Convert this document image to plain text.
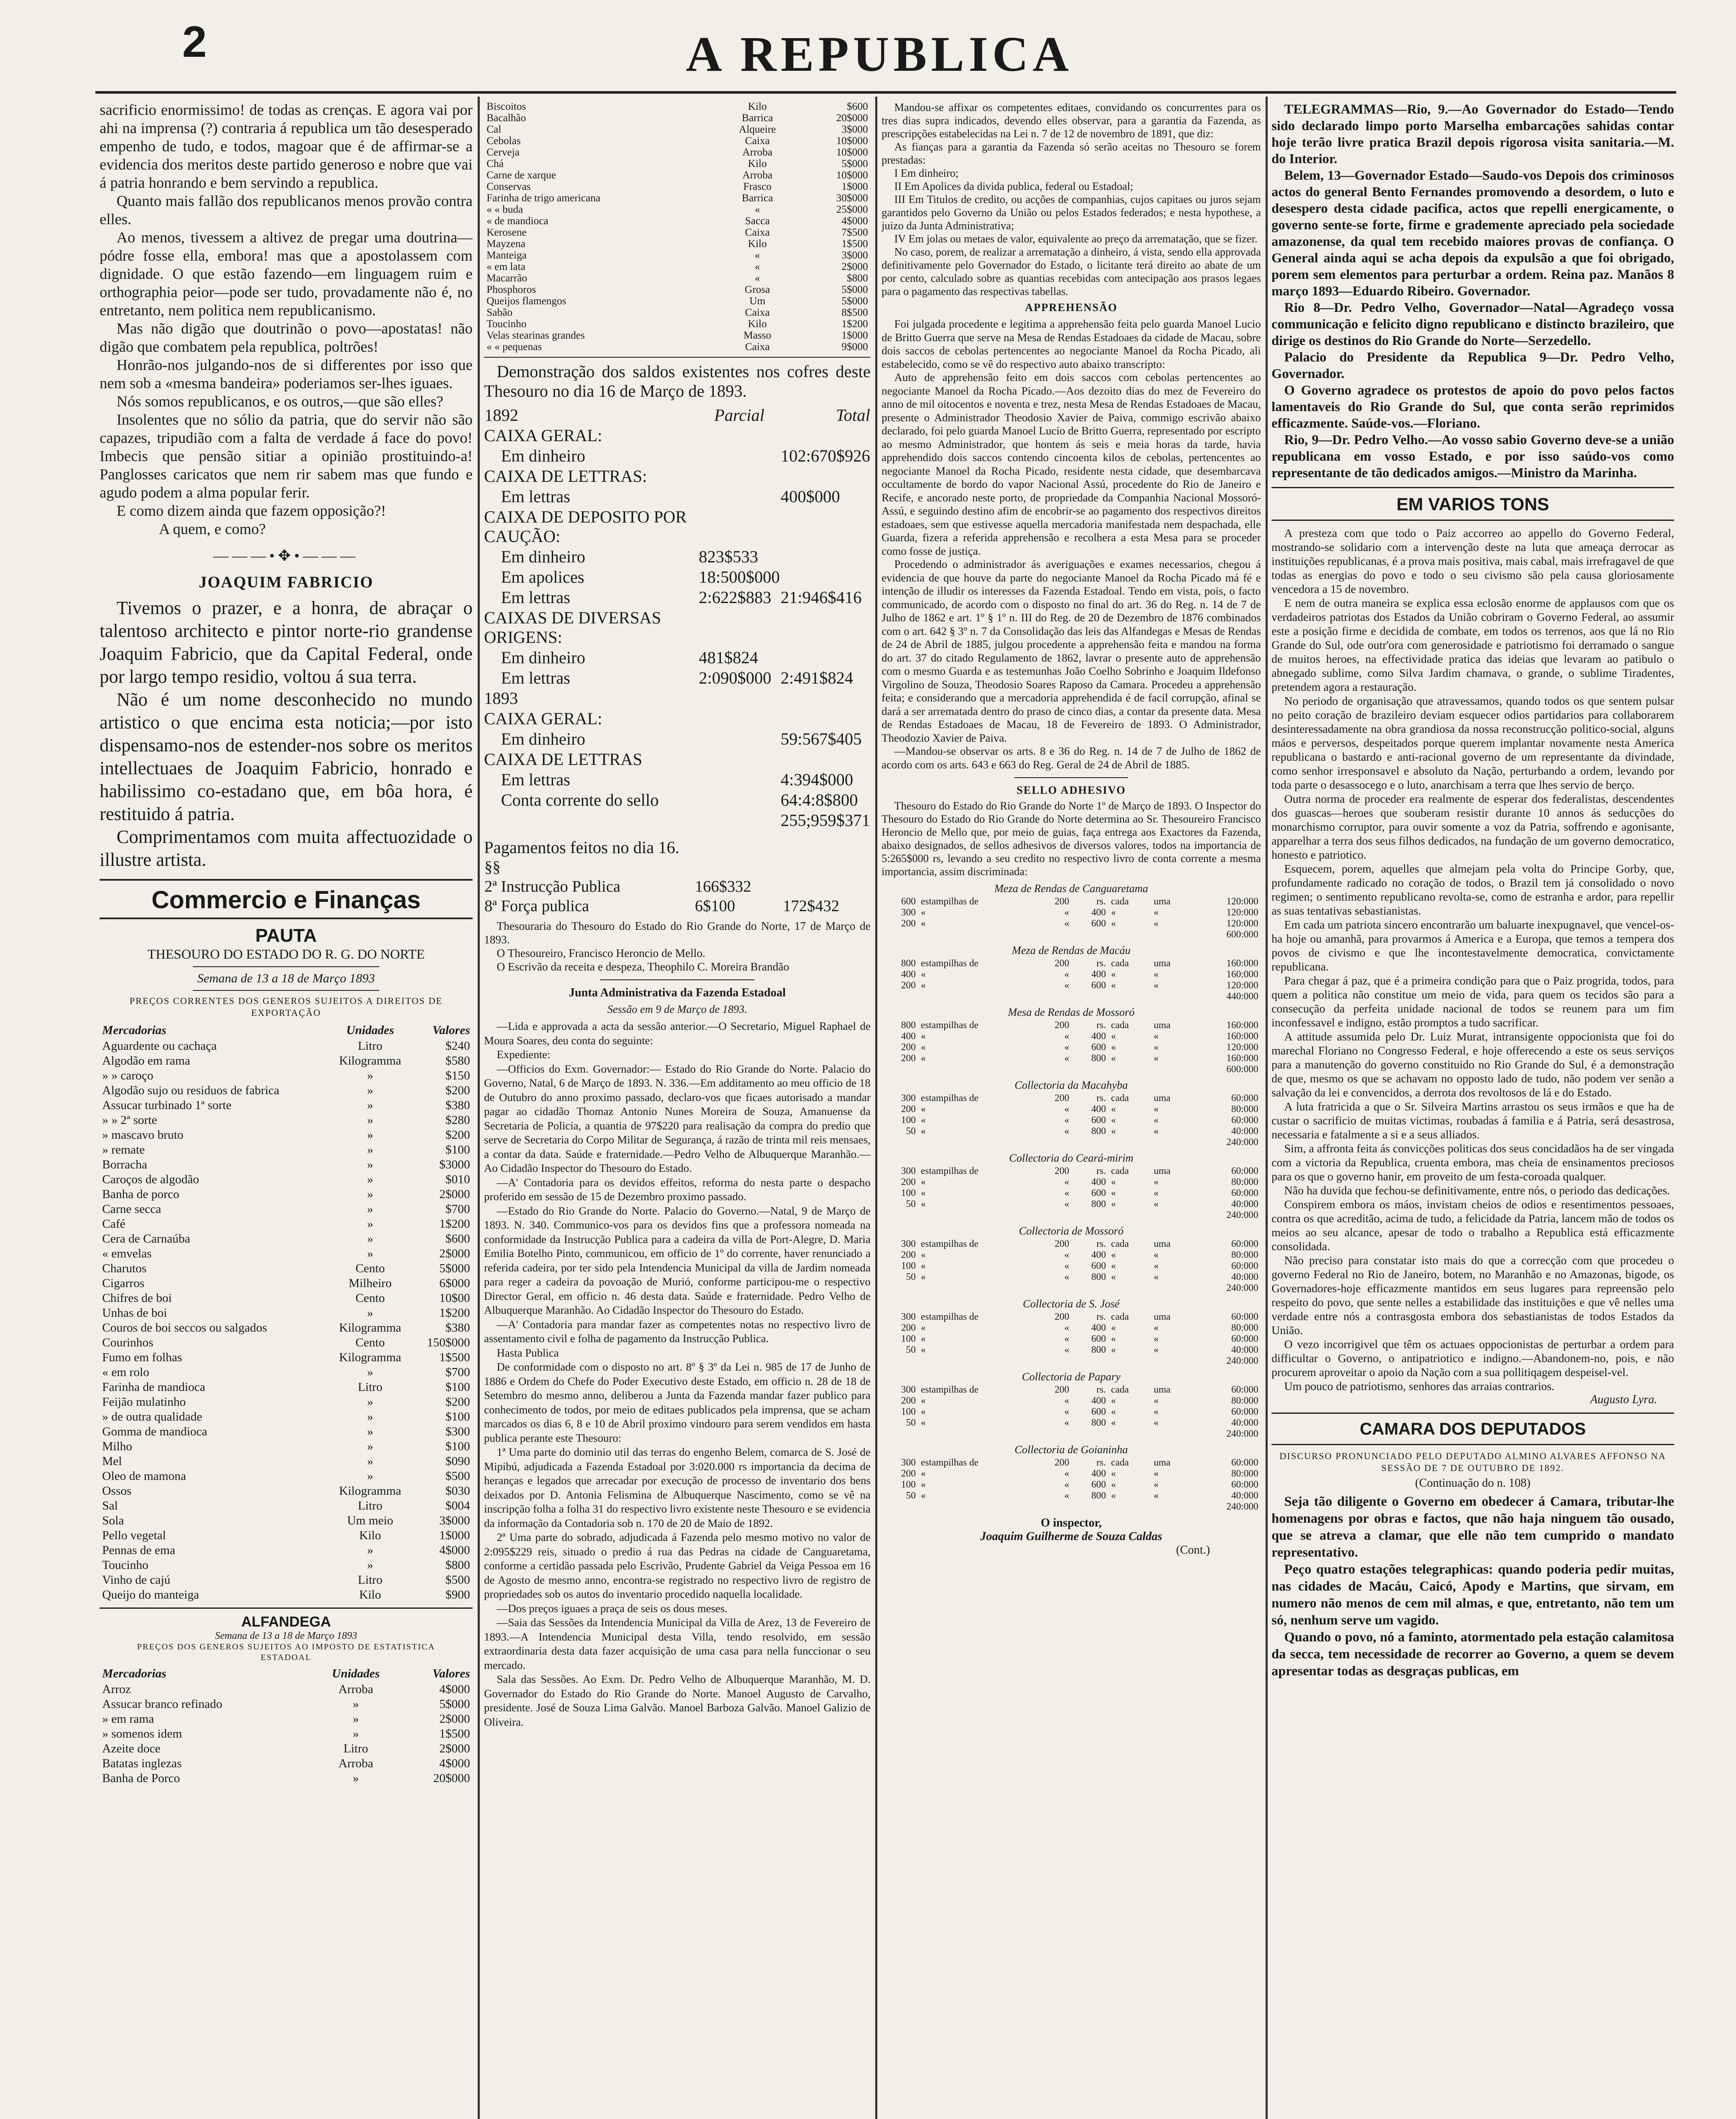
2	A REPUBLICA

sacrificio enormissimo! de todas as crenças. E agora vai por ahi na imprensa (?) contraria á republica um tão desesperado empenho de tudo, e todos, magoar que é de affirmar-se a evidencia dos meritos deste partido generoso e nobre que vai á patria honrando e bem servindo a republica.

Quanto mais fallão dos republicanos menos provão contra elles.

Ao menos, tivessem a altivez de pregar uma doutrina—pódre fosse ella, embora! mas que a apostolassem com dignidade. O que estão fazendo—em linguagem ruim e orthographia peior—pode ser tudo, provadamente não é, no entretanto, nem politica nem republicanismo.

Mas não digão que doutrinão o povo—apostatas! não digão que combatem pela republica, poltrões!

Honrão-nos julgando-nos de si differentes por isso que nem sob a «mesma bandeira» poderiamos ser-lhes iguaes.

Nós somos republicanos, e os outros,—que são elles?

Insolentes que no sólio da patria, que do servir não são capazes, tripudião com a falta de verdade á face do povo! Imbecis que pensão sitiar a opinião prostituindo-a! Panglosses caricatos que nem rir sabem mas que fundo e agudo podem a alma popular ferir.

E como dizem ainda que fazem opposição?!

A quem, e como?

———•✥•———
JOAQUIM FABRICIO

Tivemos o prazer, e a honra, de abraçar o talentoso architecto e pintor norte-rio grandense Joaquim Fabricio, que da Capital Federal, onde por largo tempo residio, voltou á sua terra.

Não é um nome desconhecido no mundo artistico o que encima esta noticia;—por isto dispensamo-nos de estender-nos sobre os meritos intellectuaes de Joaquim Fabricio, honrado e habilissimo co-estadano que, em bôa hora, é restituido á patria.

Comprimentamos com muita affectuozidade o illustre artista.

Commercio e Finanças
PAUTA
THESOURO DO ESTADO DO R. G. DO NORTE
Semana de 13 a 18 de Março 1893
PREÇOS CORRENTES DOS GENEROS SUJEITOS A DIREITOS DE EXPORTAÇÃO
Mercadorias	Unidades	Valores
Aguardente ou cachaça	Litro	$240
Algodão em rama	Kilogramma	$580
» » caroço	»	$150
Algodão sujo ou residuos de fabrica	»	$200
Assucar turbinado 1ª sorte	»	$380
» » 2ª sorte	»	$280
» mascavo bruto	»	$200
» remate	»	$100
Borracha	»	$3000
Caroços de algodão	»	$010
Banha de porco	»	2$000
Carne secca	»	$700
Café	»	1$200
Cera de Carnaúba	»	$600
« emvelas	»	2$000
Charutos	Cento	5$000
Cigarros	Milheiro	6$000
Chifres de boi	Cento	10$00
Unhas de boi	»	1$200
Couros de boi seccos ou salgados	Kilogramma	$380
Courinhos	Cento	150$000
Fumo em folhas	Kilogramma	1$500
« em rolo	»	$700
Farinha de mandioca	Litro	$100
Feijão mulatinho	»	$200
» de outra qualidade	»	$100
Gomma de mandioca	»	$300
Milho	»	$100
Mel	»	$090
Oleo de mamona	»	$500
Ossos	Kilogramma	$030
Sal	Litro	$004
Sola	Um meio	3$000
Pello vegetal	Kilo	1$000
Pennas de ema	»	4$000
Toucinho	»	$800
Vinho de cajú	Litro	$500
Queijo do manteiga	Kilo	$900
ALFANDEGA
Semana de 13 a 18 de Março 1893
PREÇOS DOS GENEROS SUJEITOS AO IMPOSTO DE ESTATISTICA ESTADOAL
Mercadorias	Unidades	Valores
Arroz	Arroba	4$000
Assucar branco refinado	»	5$000
» em rama	»	2$000
» somenos idem	»	1$500
Azeite doce	Litro	2$000
Batatas inglezas	Arroba	4$000
Banha de Porco	»	20$000
Biscoitos	Kilo	$600
Bacalhão	Barrica	20$000
Cal	Alqueire	3$000
Cebolas	Caixa	10$000
Cerveja	Arroba	10$000
Chá	Kilo	5$000
Carne de xarque	Arroba	10$000
Conservas	Frasco	1$000
Farinha de trigo americana	Barrica	30$000
« « buda	«	25$000
« de mandioca	Sacca	4$000
Kerosene	Caixa	7$500
Mayzena	Kilo	1$500
Manteiga	«	3$000
« em lata	«	2$000
Macarrão	«	$800
Phosphoros	Grosa	5$000
Queijos flamengos	Um	5$000
Sabão	Caixa	8$500
Toucinho	Kilo	1$200
Velas stearinas grandes	Masso	1$000
« « pequenas	Caixa	9$000
Demonstração dos saldos existentes nos cofres deste Thesouro no dia 16 de Março de 1893.
1892	Parcial	Total
CAIXA GERAL:		
Em dinheiro		102:670$926
CAIXA DE LETTRAS:		
Em lettras		400$000
CAIXA DE DEPOSITO POR CAUÇÃO:		
Em dinheiro	823$533	
Em apolices	18:500$000	
Em lettras	2:622$883	21:946$416
CAIXAS DE DIVERSAS ORIGENS:		
Em dinheiro	481$824	
Em lettras	2:090$000	2:491$824
1893		
CAIXA GERAL:		
Em dinheiro		59:567$405
CAIXA DE LETTRAS		
Em lettras		4:394$000
Conta corrente do sello		64:4:8$800
		255;959$371
Pagamentos feitos no dia 16.
§§		
2ª Instrucção Publica	166$332	
8ª Força publica	6$100	172$432

Thesouraria do Thesouro do Estado do Rio Grande do Norte, 17 de Março de 1893.

O Thesoureiro, Francisco Heroncio de Mello.

O Escrivão da receita e despeza, Theophilo C. Moreira Brandão

Junta Administrativa da Fazenda Estadoal
Sessão em 9 de Março de 1893.

—Lida e approvada a acta da sessão anterior.—O Secretario, Miguel Raphael de Moura Soares, deu conta do seguinte:

Expediente:

—Officios do Exm. Governador:— Estado do Rio Grande do Norte. Palacio do Governo, Natal, 6 de Março de 1893. N. 336.—Em additamento ao meu officio de 18 de Outubro do anno proximo passado, declaro-vos que ficaes autorisado a mandar pagar ao cidadão Thomaz Antonio Nunes Moreira de Souza, Amanuense da Secretaria de Policia, a quantia de 97$220 para realisação da compra do predio que serve de Secretaria do Corpo Militar de Segurança, á razão de trinta mil reis mensaes, a contar da data. Saúde e fraternidade.—Pedro Velho de Albuquerque Maranhão.—Ao Cidadão Inspector do Thesouro do Estado.

—A' Contadoria para os devidos effeitos, reforma do nesta parte o despacho proferido em sessão de 15 de Dezembro proximo passado.

—Estado do Rio Grande do Norte. Palacio do Governo.—Natal, 9 de Março de 1893. N. 340. Communico-vos para os devidos fins que a professora nomeada na conformidade da Instrucção Publica para a cadeira da villa de Port-Alegre, D. Maria Emilia Botelho Pinto, communicou, em officio de 1º do corrente, haver renunciado a referida cadeira, por ter sido pela Intendencia Municipal da villa de Jardim nomeada para reger a cadeira da povoação de Murió, conforme participou-me o respectivo Director Geral, em officio n. 46 desta data. Saúde e fraternidade. Pedro Velho de Albuquerque Maranhão. Ao Cidadão Inspector do Thesouro do Estado.

—A' Contadoria para mandar fazer as competentes notas no respectivo livro de assentamento civil e folha de pagamento da Instrucção Publica.

Hasta Publica

De conformidade com o disposto no art. 8º § 3º da Lei n. 985 de 17 de Junho de 1886 e Ordem do Chefe do Poder Executivo deste Estado, em officio n. 28 de 18 de Setembro do mesmo anno, deliberou a Junta da Fazenda mandar fazer publico para conhecimento de todos, por meio de editaes publicados pela imprensa, que se acham marcados os dias 6, 8 e 10 de Abril proximo vindouro para serem vendidos em hasta publica perante este Thesouro:

1ª Uma parte do dominio util das terras do engenho Belem, comarca de S. José de Mipibú, adjudicada a Fazenda Estadoal por 3:020.000 rs importancia da decima de heranças e legados que arrecadar por execução de processo de inventario dos bens deixados por D. Antonia Felismina de Albuquerque Nascimento, como se vê na inscripção folha a folha 31 do respectivo livro existente neste Thesouro e se evidencia da informação da Contadoria sob n. 170 de 20 de Maio de 1892.

2ª Uma parte do sobrado, adjudicada á Fazenda pelo mesmo motivo no valor de 2:095$229 reis, situado o predio á rua das Pedras na cidade de Canguaretama, conforme a certidão passada pelo Escrivão, Prudente Gabriel da Veiga Pessoa em 16 de Agosto de mesmo anno, encontra-se registrado no respectivo livro de registro de propriedades sob os autos do inventario procedido naquella localidade.

—Dos preços iguaes a praça de seis os dous meses.

—Saia das Sessões da Intendencia Municipal da Villa de Arez, 13 de Fevereiro de 1893.—A Intendencia Municipal desta Villa, tendo resolvido, em sessão extraordinaria desta data fazer acquisição de uma casa para nella funccionar o seu mercado.

Sala das Sessões. Ao Exm. Dr. Pedro Velho de Albuquerque Maranhão, M. D. Governador do Estado do Rio Grande do Norte. Manoel Augusto de Carvalho, presidente. José de Souza Lima Galvão. Manoel Barboza Galvão. Manoel Galizio de Oliveira.

Mandou-se affixar os competentes editaes, convidando os concurrentes para os tres dias supra indicados, devendo elles observar, para a garantia da Fazenda, as prescripções estabelecidas na Lei n. 7 de 12 de novembro de 1891, que diz:

As fianças para a garantia da Fazenda só serão aceitas no Thesouro se forem prestadas:

I Em dinheiro;

II Em Apolices da divida publica, federal ou Estadoal;

III Em Titulos de credito, ou acções de companhias, cujos capitaes ou juros sejam garantidos pelo Governo da União ou pelos Estados federados; e nesta hypothese, a juizo da Junta Administrativa;

IV Em jolas ou metaes de valor, equivalente ao preço da arrematação, que se fizer.

No caso, porem, de realizar a arrematação a dinheiro, á vista, sendo ella approvada definitivamente pelo Governador do Estado, o licitante terá direito ao abate de um por cento, calculado sobre as quantias recebidas com antecipação aos prasos legaes para o pagamento das respectivas tabellas.

APPREHENSÃO

Foi julgada procedente e legitima a apprehensão feita pelo guarda Manoel Lucio de Britto Guerra que serve na Mesa de Rendas Estadoaes da cidade de Macau, sobre dois saccos de cebolas pertencentes ao negociante Manoel da Rocha Picado, ali estabelecido, como se vê do respectivo auto abaixo transcripto:

Auto de apprehensão feito em dois saccos com cebolas pertencentes ao negociante Manoel da Rocha Picado.—Aos dezoito dias do mez de Fevereiro do anno de mil oitocentos e noventa e trez, nesta Mesa de Rendas Estadoaes de Macau, presente o Administrador Theodosio Xavier de Paiva, commigo escrivão abaixo declarado, foi pelo guarda Manoel Lucio de Britto Guerra, representado por escripto ao mesmo Administrador, que hontem ás seis e meia horas da tarde, havia apprehendido dois saccos contendo cincoenta kilos de cebolas, pertencentes ao negociante Manoel da Rocha Picado, residente nesta cidade, que desembarcava occultamente de bordo do vapor Nacional Assú, procedente do Rio de Janeiro e Recife, e ancorado neste porto, de propriedade da Companhia Nacional Mossoró-Assú, e seguindo destino afim de encobrir-se ao pagamento dos respectivos direitos estadoaes, sem que estivesse aquella mercadoria manifestada nem despachada, elle Guarda, fizera a referida apprehensão e recolhera a esta Mesa para se proceder como fosse de justiça.

Procedendo o administrador ás averiguações e exames necessarios, chegou á evidencia de que houve da parte do negociante Manoel da Rocha Picado má fé e intenção de illudir os interesses da Fazenda Estadoal. Tendo em vista, pois, o facto communicado, de acordo com o disposto no final do art. 36 do Reg. n. 14 de 7 de Julho de 1862 e art. 1º § 1º n. III do Reg. de 20 de Dezembro de 1876 combinados com o art. 642 § 3º n. 7 da Consolidação das leis das Alfandegas e Mesas de Rendas de 24 de Abril de 1885, julgou procedente a apprehensão feita e mandou na forma do art. 37 do citado Regulamento de 1862, lavrar o presente auto de apprehensão com o mesmo Guarda e as testemunhas João Coelho Sobrinho e Joaquim Ildefonso Virgolino de Souza, Theodosio Soares Raposo da Camara. Procedeu a apprehensão feita; e considerando que a mercadoria apprehendida é de facil corrupção, afinal se dará a ser arrematada dentro do praso de cinco dias, a contar da presente data. Mesa de Rendas Estadoaes de Macau, 18 de Fevereiro de 1893. O Administrador, Theodozio Xavier de Paiva.

—Mandou-se observar os arts. 8 e 36 do Reg. n. 14 de 7 de Julho de 1862 de acordo com os arts. 643 e 663 do Reg. Geral de 24 de Abril de 1885.

SELLO ADHESIVO

Thesouro do Estado do Rio Grande do Norte 1º de Março de 1893. O Inspector do Thesouro do Estado do Rio Grande do Norte determina ao Sr. Thesoureiro Francisco Heroncio de Mello que, por meio de guias, faça entrega aos Exactores da Fazenda, abaixo designados, de sellos adhesivos de diversos valores, todos na importancia de 5:265$000 rs, levando a seu credito no respectivo livro de conta corrente a mesma importancia, assim discriminada:

Meza de Rendas de Canguaretama
600	estampilhas de	200	rs.	cada	uma	120:000
300	«	«	400	«	«	120:000
200	«	«	600	«	«	120:000
						600:000
Meza de Rendas de Macáu
800	estampilhas de	200	rs.	cada	uma	160:000
400	«	«	400	«	«	160:000
200	«	«	600	«	«	120:000
						440:000
Mesa de Rendas de Mossoró
800	estampilhas de	200	rs.	cada	uma	160:000
400	«	«	400	«	«	160:000
200	«	«	600	«	«	120:000
200	«	«	800	«	«	160:000
						600:000
Collectoria da Macahyba
300	estampilhas de	200	rs.	cada	uma	60:000
200	«	«	400	«	«	80:000
100	«	«	600	«	«	60:000
50	«	«	800	«	«	40:000
						240:000
Collectoria do Ceará-mirim
300	estampilhas de	200	rs.	cada	uma	60:000
200	«	«	400	«	«	80:000
100	«	«	600	«	«	60:000
50	«	«	800	«	«	40:000
						240:000
Collectoria de Mossoró
300	estampilhas de	200	rs.	cada	uma	60:000
200	«	«	400	«	«	80:000
100	«	«	600	«	«	60:000
50	«	«	800	«	«	40:000
						240:000
Collectoria de S. José
300	estampilhas de	200	rs.	cada	uma	60:000
200	«	«	400	«	«	80:000
100	«	«	600	«	«	60:000
50	«	«	800	«	«	40:000
						240:000
Collectoria de Papary
300	estampilhas de	200	rs.	cada	uma	60:000
200	«	«	400	«	«	80:000
100	«	«	600	«	«	60:000
50	«	«	800	«	«	40:000
						240:000
Collectoria de Goianinha
300	estampilhas de	200	rs.	cada	uma	60:000
200	«	«	400	«	«	80:000
100	«	«	600	«	«	60:000
50	«	«	800	«	«	40:000
						240:000
O inspector,
Joaquim Guilherme de Souza Caldas
(Cont.)

TELEGRAMMAS—Rio, 9.—Ao Governador do Estado—Tendo sido declarado limpo porto Marselha embarcações sahidas contar hoje terão livre pratica Brazil depois rigorosa visita sanitaria.—M. do Interior.

Belem, 13—Governador Estado—Saudo-vos Depois dos criminosos actos do general Bento Fernandes promovendo a desordem, o luto e desespero desta cidade pacifica, actos que repelli energicamente, o governo sente-se forte, firme e grademente apreciado pela sociedade amazonense, da qual tem recebido maiores provas de confiança. O General ainda aqui se acha depois da expulsão a que foi obrigado, porem sem elementos para perturbar a ordem. Reina paz. Manãos 8 março 1893—Eduardo Ribeiro. Governador.

Rio 8—Dr. Pedro Velho, Governador—Natal—Agradeço vossa communicação e felicito digno republicano e distincto brazileiro, que dirige os destinos do Rio Grande do Norte—Serzedello.

Palacio do Presidente da Republica 9—Dr. Pedro Velho, Governador.

O Governo agradece os protestos de apoio do povo pelos factos lamentaveis do Rio Grande do Sul, que conta serão reprimidos efficazmente. Saúde-vos.—Floriano.

Rio, 9—Dr. Pedro Velho.—Ao vosso sabio Governo deve-se a união republicana em vosso Estado, e por isso saúdo-vos como representante de tão dedicados amigos.—Ministro da Marinha.

EM VARIOS TONS

A presteza com que todo o Paiz accorreo ao appello do Governo Federal, mostrando-se solidario com a intervenção deste na luta que ameaça derrocar as instituições republicanas, é a prova mais positiva, mais cabal, mais irrefragavel de que todas as energias do povo e todo o seu civismo são pela causa gloriosamente vencedora a 15 de novembro.

E nem de outra maneira se explica essa eclosão enorme de applausos com que os verdadeiros patriotas dos Estados da União cobriram o Governo Federal, ao assumir este a posição firme e decidida de combate, em todos os terrenos, aos que lá no Rio Grande do Sul, ode outr'ora com generosidade e patriotismo foi derramado o sangue de muitos heroes, na effectividade pratica das ideias que levaram ao patibulo o abnegado sublime, como Silva Jardim chamava, o grande, o sublime Tiradentes, pretendem agora a restauração.

No periodo de organisação que atravessamos, quando todos os que sentem pulsar no peito coração de brazileiro deviam esquecer odios partidarios para collaborarem desinteressadamente na obra grandiosa da nossa reconstrucção politico-social, alguns máos e perversos, despeitados porque querem implantar novamente nesta America republicana o bastardo e anti-racional governo de um representante da divindade, como senhor irresponsavel e absoluto da Nação, perturbando a ordem, levando por toda parte o desassocego e o luto, anarchisam a terra que lhes servio de berço.

Outra norma de proceder era realmente de esperar dos federalistas, descendentes dos guascas—heroes que souberam resistir durante 10 annos ás seducções do monarchismo corruptor, para ouvir somente a voz da Patria, soffrendo e agonisante, apparelhar a terra dos seus filhos dedicados, na fundação de um governo democratico, honesto e patriotico.

Esquecem, porem, aquelles que almejam pela volta do Principe Gorby, que, profundamente radicado no coração de todos, o Brazil tem já consolidado o novo regimen; o sentimento republicano revolta-se, como de estranha e ardor, para repellir as suas tentativas sebastianistas.

Em cada um patriota sincero encontrarão um baluarte inexpugnavel, que vencel-os-ha hoje ou amanhã, para provarmos á America e a Europa, que temos a tempera dos povos de civismo e que lhe incontestavelmente democratica, convictamente republicana.

Para chegar á paz, que é a primeira condição para que o Paiz progrida, todos, para quem a politica não constitue um meio de vida, para quem os tecidos são para a consecução da perfeita unidade nacional de todos se reunem para um fim inconfessavel e indigno, estão promptos a tudo sacrificar.

A attitude assumida pelo Dr. Luiz Murat, intransigente oppocionista que foi do marechal Floriano no Congresso Federal, e hoje offerecendo a este os seus serviços para a manutenção do governo constituido no Rio Grande do Sul, é a demonstração de que, mesmo os que se achavam no opposto lado de tudo, não podem ver senão a salvação da lei e convencidos, a derrota dos revoltosos de lá e do Estado.

A luta fratricida a que o Sr. Silveira Martins arrastou os seus irmãos e que ha de custar o sacrificio de muitas victimas, roubadas á familia e á Patria, será desastrosa, necessaria e fatalmente a si e a seus alliados.

Sim, a affronta feita ás convicções politicas dos seus concidadãos ha de ser vingada com a victoria da Republica, cruenta embora, mas cheia de ensinamentos preciosos para os que o governo hanir, em proveito de um festa-coroada qualquer.

Não ha duvida que fechou-se definitivamente, entre nós, o periodo das dedicações.

Conspirem embora os máos, invistam cheios de odios e resentimentos pessoaes, contra os que acreditão, acima de tudo, a felicidade da Patria, lancem mão de todos os meios ao seu alcance, apesar de todo o trabalho a Republica está efficazmente consolidada.

Não preciso para constatar isto mais do que a correcção com que procedeu o governo Federal no Rio de Janeiro, botem, no Maranhão e no Amazonas, bigode, os Governadores-hoje efficazmente mantidos em seus lugares para repreensão pelo respeito do povo, que sente nelles a estabilidade das instituições e que vê nelles uma verdade entre nós a contrasgosta embora dos sebastianistas de todos Estados da União.

O vezo incorrigivel que têm os actuaes oppocionistas de perturbar a ordem para difficultar o Governo, o antipatriotico e indigno.—Abandonem-no, pois, e não procurem aproveitar o apoio da Nação com a sua pollitiqagem despeisel-vel.

Um pouco de patriotismo, senhores das arraias contrarios.

Augusto Lyra.
CAMARA DOS DEPUTADOS
DISCURSO PRONUNCIADO PELO DEPUTADO ALMINO ALVARES AFFONSO NA SESSÃO DE 7 DE OUTUBRO DE 1892.
(Continuação do n. 108)

Seja tão diligente o Governo em obedecer á Camara, tributar-lhe homenagens por obras e factos, que não haja ninguem tão ousado, que se atreva a clamar, que elle não tem cumprido o mandato representativo.

Peço quatro estações telegraphicas: quando poderia pedir muitas, nas cidades de Macáu, Caicó, Apody e Martins, que sirvam, em numero não menos de cem mil almas, e que, entretanto, não tem um só, nenhum serve um vagido.

Quando o povo, nó a faminto, atormentado pela estação calamitosa da secca, tem necessidade de recorrer ao Governo, a quem se devem apresentar todas as desgraças publicas, em
